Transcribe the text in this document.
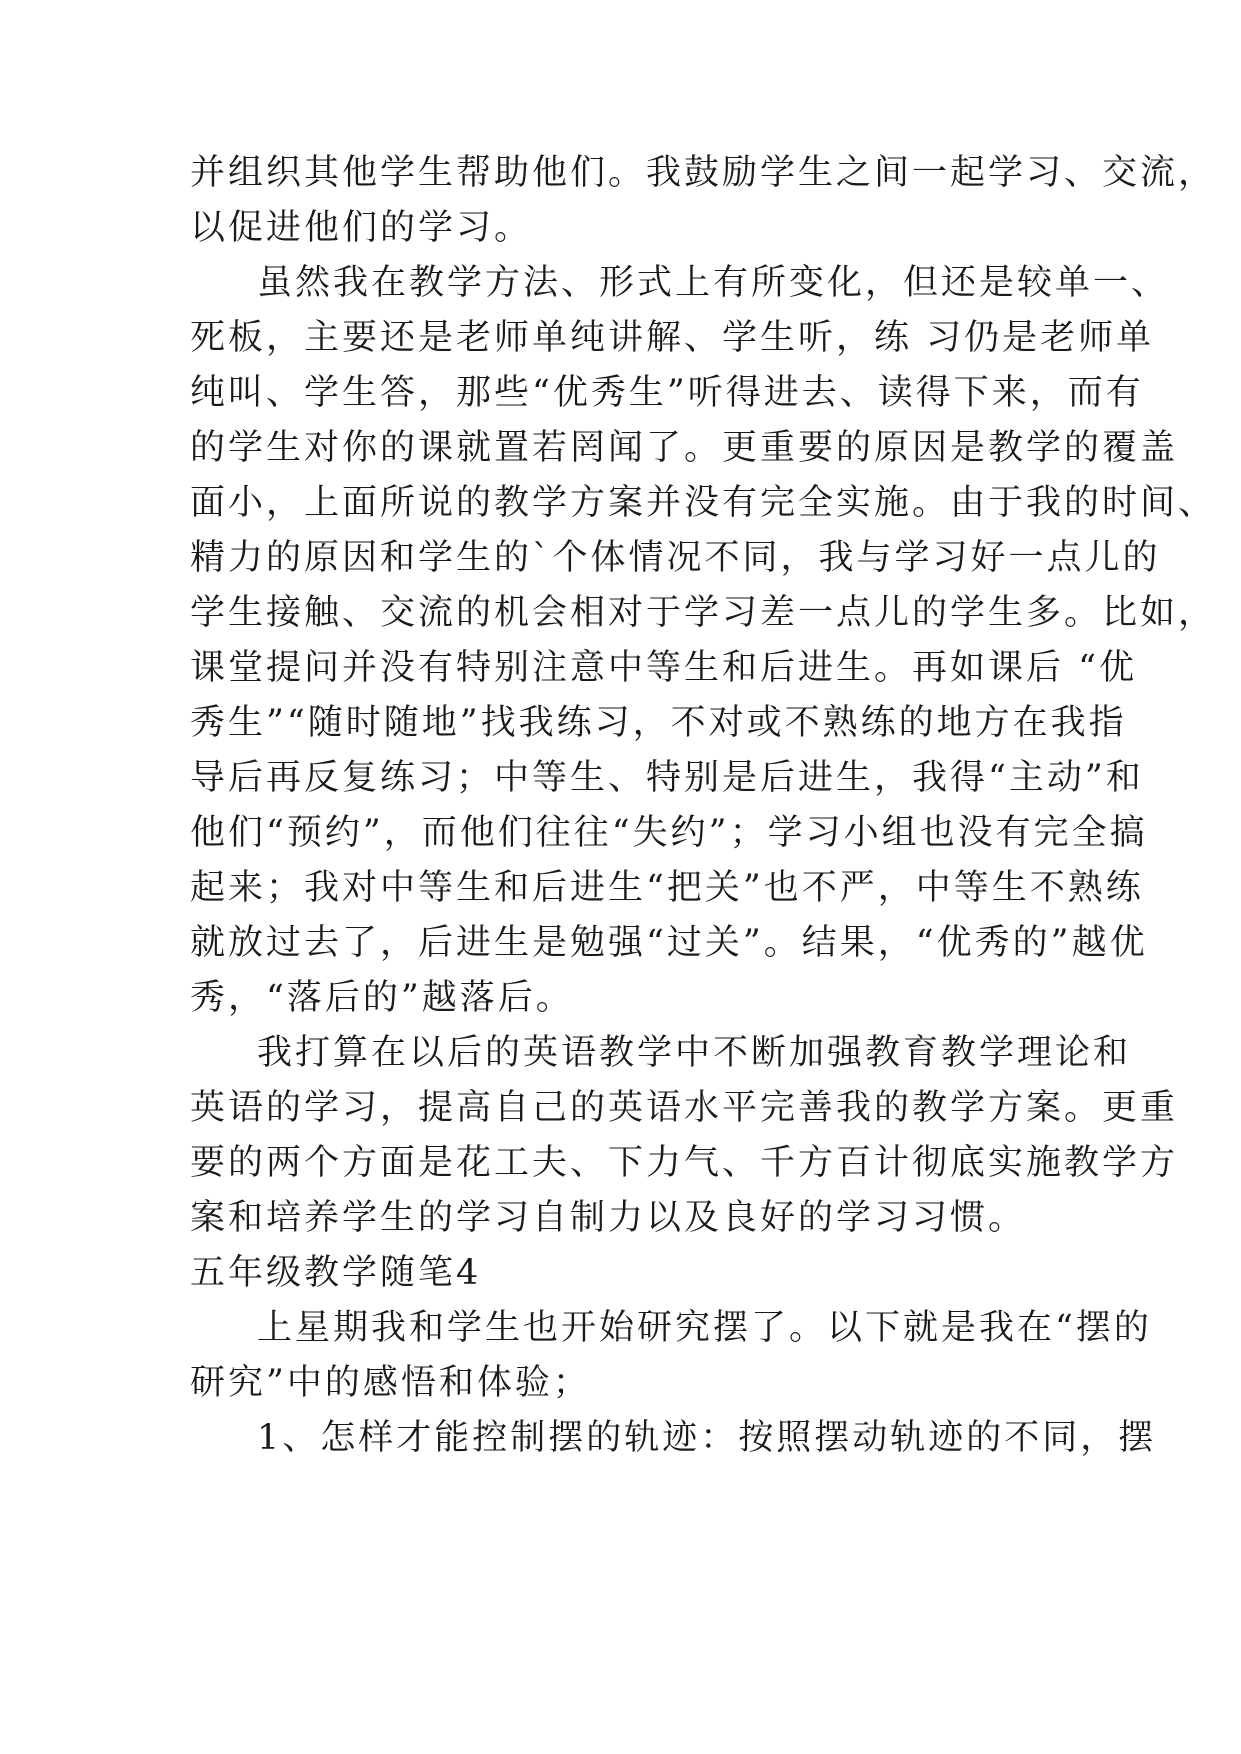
并组织其他学生帮助他们。我鼓励学生之间一起学习、交流，
以促进他们的学习。
虽然我在教学方法、形式上有所变化，但还是较单一、
死板，主要还是老师单纯讲解、学生听，练 习仍是老师单
纯叫、学生答，那些“优秀生”听得进去、读得下来，而有
的学生对你的课就置若罔闻了。更重要的原因是教学的覆盖
面小，上面所说的教学方案并没有完全实施。由于我的时间、
精力的原因和学生的`个体情况不同，我与学习好一点儿的
学生接触、交流的机会相对于学习差一点儿的学生多。比如，
课堂提问并没有特别注意中等生和后进生。再如课后 “优
秀生”“随时随地”找我练习，不对或不熟练的地方在我指
导后再反复练习；中等生、特别是后进生，我得“主动”和
他们“预约”，而他们往往“失约”；学习小组也没有完全搞
起来；我对中等生和后进生“把关”也不严，中等生不熟练
就放过去了，后进生是勉强“过关”。结果，“优秀的”越优
秀，“落后的”越落后。
我打算在以后的英语教学中不断加强教育教学理论和
英语的学习，提高自己的英语水平完善我的教学方案。更重
要的两个方面是花工夫、下力气、千方百计彻底实施教学方
案和培养学生的学习自制力以及良好的学习习惯。
五年级教学随笔4
上星期我和学生也开始研究摆了。以下就是我在“摆的
研究”中的感悟和体验；
1、怎样才能控制摆的轨迹：按照摆动轨迹的不同，摆
